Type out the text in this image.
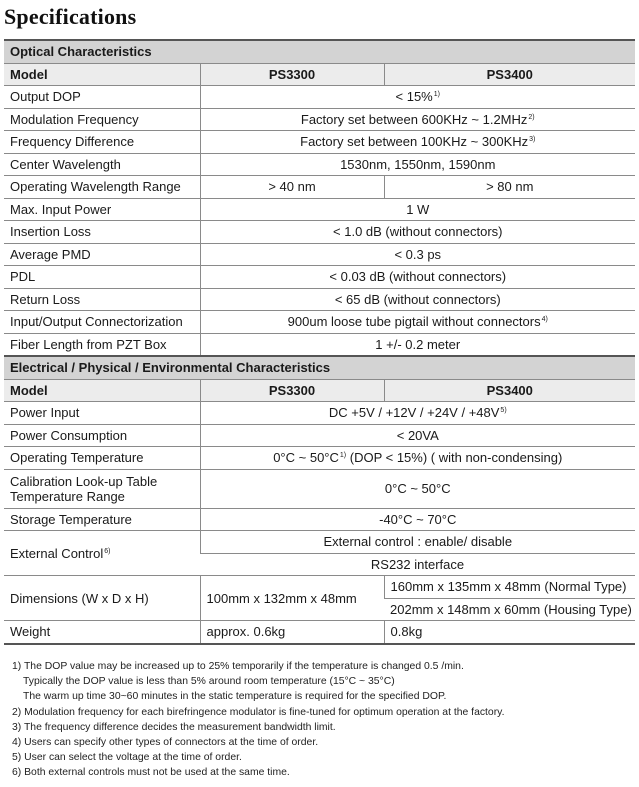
Specifications
Optical Characteristics		
Model	PS3300	PS3400
Output DOP	< 15%$^{1)}$
Modulation Frequency	Factory set between 600KHz ~ 1.2MHz$^{2)}$
Frequency Difference	Factory set between 100KHz ~ 300KHz$^{3)}$
Center Wavelength	1530nm, 1550nm, 1590nm	
Operating Wavelength Range	> 40 nm	> 80 nm
Max. Input Power	1 W	
Insertion Loss	< 1.0 dB (without connectors)	
Average PMD	< 0.3 ps	
PDL	< 0.03 dB (without connectors)	
Return Loss	< 65 dB (without connectors)	
Input/Output Connectorization	900um loose tube pigtail without connectors$^{4)}$
Fiber Length from PZT Box	1 +/- 0.2 meter	
Electrical / Physical / Environmental Characteristics		
Model	PS3300	PS3400
Power Input	DC $+5V / +12V / +24V / +48V^{5)}$
Power Consumption	< 20VA	
Operating Temperature	0°C ~ $50^\circ C^{1)}$ (DOP < 15%) ( with non-condensing)	
Calibration Look-up Table Temperature Range	0°C ~ 50°C	
Storage Temperature	-40°C ~ 70°C	
External Control$^{6)}$	External control : enable/ disable	
	RS232 interface	
Dimensions (W x D x H)	100mm x 132mm x 48mm	160mm x 135mm x 48mm (Normal Type)
		202mm x 148mm x 60mm (Housing Type)
Weight	approx. 0.6kg	0.8kg
1) The DOP value may be increased up to 25% temporarily if the temperature is changed 0.5 /min.
Typically the DOP value is less than 5% around room temperature (15°C ~ 35°C)
The warm up time 30~60 minutes in the static temperature is required for the specified DOP.
2) Modulation frequency for each birefringence modulator is fine-tuned for optimum operation at the factory.
3) The frequency difference decides the measurement bandwidth limit.
4) Users can specify other types of connectors at the time of order.
5) User can select the voltage at the time of order.
6) Both external controls must not be used at the same time.
